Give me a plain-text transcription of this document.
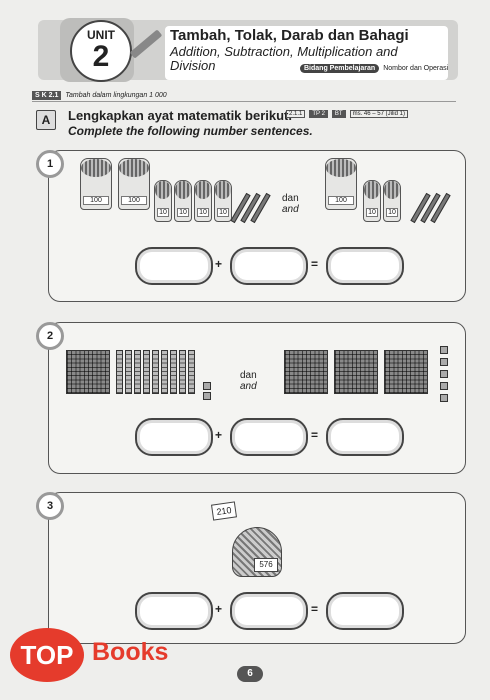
UNIT
2
Tambah, Tolak, Darab dan Bahagi
Addition, Subtraction, Multiplication and Division	Bidang Pembelajaran Nombor dan Operasi
S K 2.1 Tambah dalam lingkungan 1 000
A	Lengkapkan ayat matematik berikut.
Complete the following number sentences.
2.1.1 TP 2 BT ms. 46 – 57 (Jilid 1)
1
100	100
10	10	10	10
dan
and
100
10	10
+	=
2
dan
and
+	=
3	210
576
+	=
TOP Books
6
